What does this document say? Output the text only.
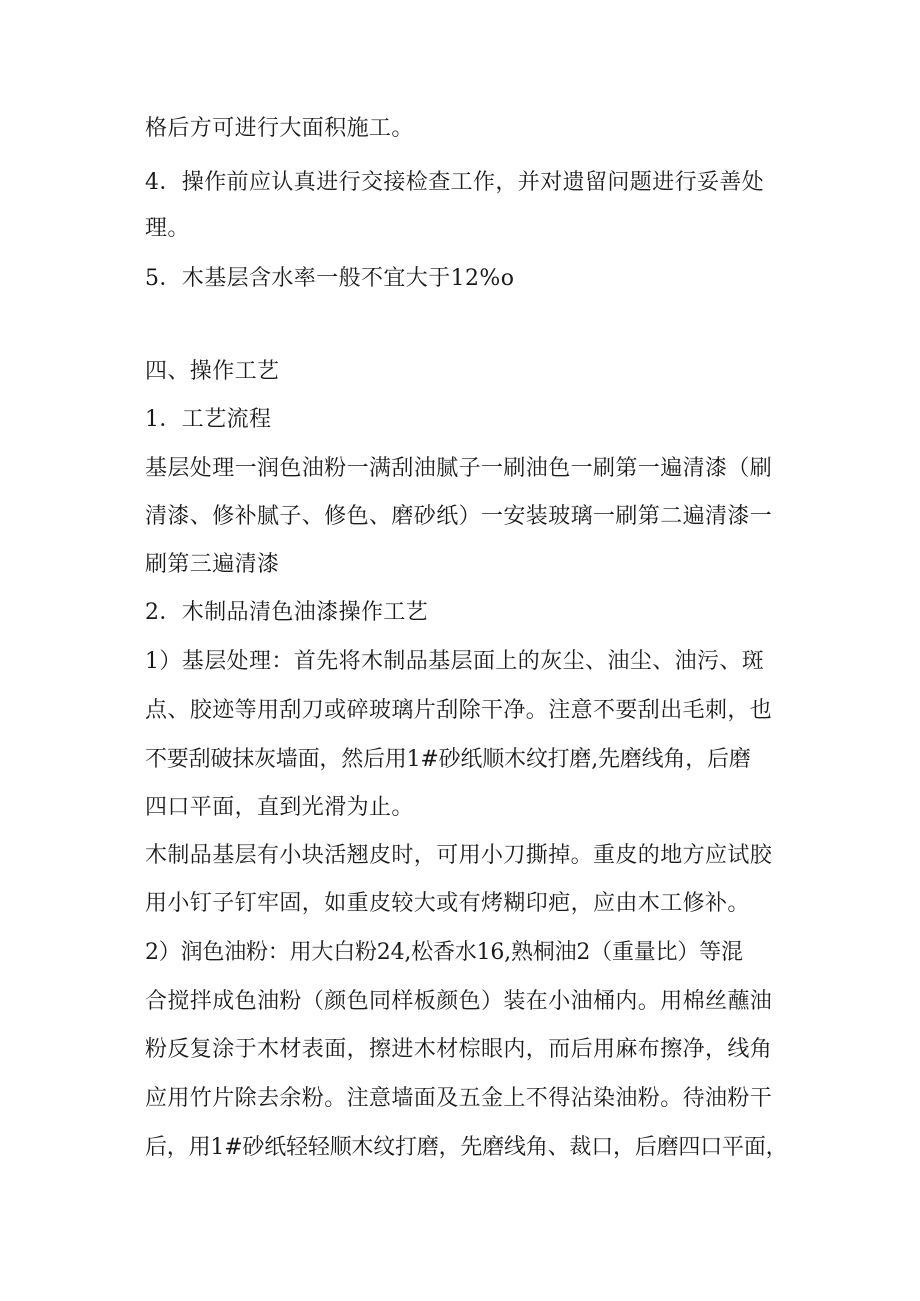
格后方可进行大面积施工。

4．操作前应认真进行交接检查工作，并对遗留问题进行妥善处

理。

5．木基层含水率一般不宜大于12%o

四、操作工艺

1．工艺流程

基层处理一润色油粉一满刮油腻子一刷油色一刷第一遍清漆（刷

清漆、修补腻子、修色、磨砂纸）一安装玻璃一刷第二遍清漆一

刷第三遍清漆

2．木制品清色油漆操作工艺

1）基层处理：首先将木制品基层面上的灰尘、油尘、油污、斑

点、胶迹等用刮刀或碎玻璃片刮除干净。注意不要刮出毛刺，也

不要刮破抹灰墙面，然后用1#砂纸顺木纹打磨,先磨线角，后磨

四口平面，直到光滑为止。

木制品基层有小块活翘皮时，可用小刀撕掉。重皮的地方应试胶

用小钉子钉牢固，如重皮较大或有烤糊印疤，应由木工修补。

2）润色油粉：用大白粉24,松香水16,熟桐油2（重量比）等混

合搅拌成色油粉（颜色同样板颜色）装在小油桶内。用棉丝蘸油

粉反复涂于木材表面，擦进木材棕眼内，而后用麻布擦净，线角

应用竹片除去余粉。注意墙面及五金上不得沾染油粉。待油粉干

后，用1#砂纸轻轻顺木纹打磨，先磨线角、裁口，后磨四口平面，
